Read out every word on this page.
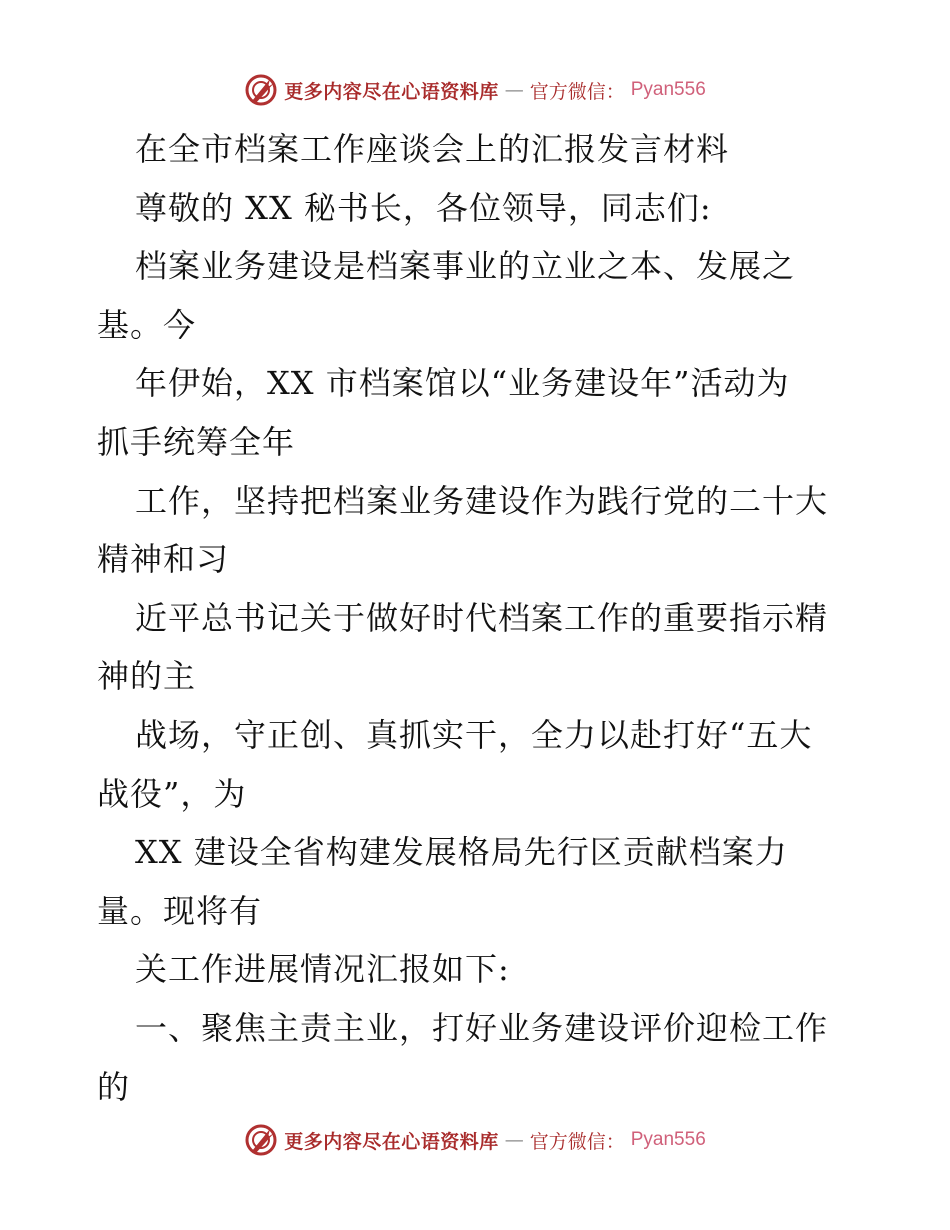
更多内容尽在心语资料库 — 官方微信： Pyan556
在全市档案工作座谈会上的汇报发言材料
尊敬的 XX 秘书长，各位领导，同志们:
档案业务建设是档案事业的立业之本、发展之
基。今
年伊始，XX 市档案馆以“业务建设年”活动为
抓手统筹全年
工作，坚持把档案业务建设作为践行党的二十大
精神和习
近平总书记关于做好时代档案工作的重要指示精
神的主
战场，守正创、真抓实干，全力以赴打好“五大
战役”，为
XX 建设全省构建发展格局先行区贡献档案力
量。现将有
关工作进展情况汇报如下:
一、聚焦主责主业，打好业务建设评价迎检工作
的
更多内容尽在心语资料库 — 官方微信： Pyan556
